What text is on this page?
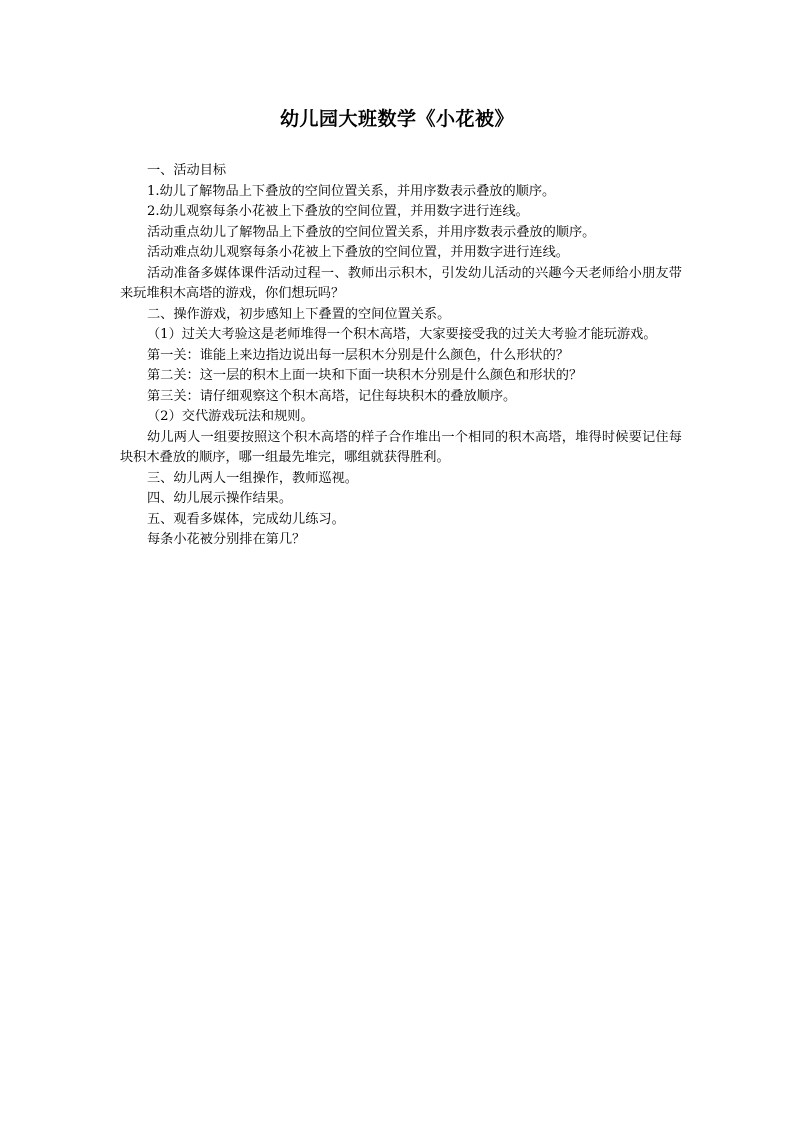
幼儿园大班数学《小花被》

一、活动目标

1.幼儿了解物品上下叠放的空间位置关系，并用序数表示叠放的顺序。

2.幼儿观察每条小花被上下叠放的空间位置，并用数字进行连线。

活动重点幼儿了解物品上下叠放的空间位置关系，并用序数表示叠放的顺序。

活动难点幼儿观察每条小花被上下叠放的空间位置，并用数字进行连线。

活动准备多媒体课件活动过程一、教师出示积木，引发幼儿活动的兴趣今天老师给小朋友带来玩堆积木高塔的游戏，你们想玩吗？

二、操作游戏，初步感知上下叠置的空间位置关系。

（1）过关大考验这是老师堆得一个积木高塔，大家要接受我的过关大考验才能玩游戏。

第一关：谁能上来边指边说出每一层积木分别是什么颜色，什么形状的？

第二关：这一层的积木上面一块和下面一块积木分别是什么颜色和形状的？

第三关：请仔细观察这个积木高塔，记住每块积木的叠放顺序。

（2）交代游戏玩法和规则。

幼儿两人一组要按照这个积木高塔的样子合作堆出一个相同的积木高塔，堆得时候要记住每块积木叠放的顺序，哪一组最先堆完，哪组就获得胜利。

三、幼儿两人一组操作，教师巡视。

四、幼儿展示操作结果。

五、观看多媒体，完成幼儿练习。

每条小花被分别排在第几？
